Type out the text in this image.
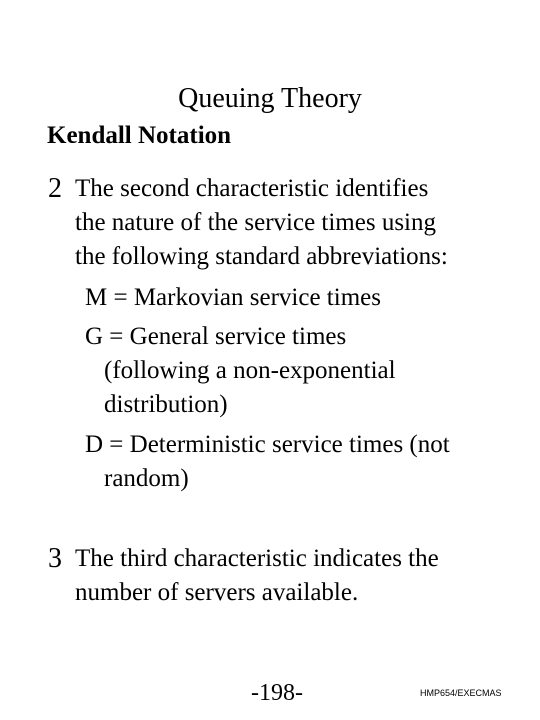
Queuing Theory
Kendall Notation
2 The second characteristic identifies
the nature of the service times using
the following standard abbreviations:
M = Markovian service times
G = General service times
(following a non-exponential
distribution)
D = Deterministic service times (not
random)
3 The third characteristic indicates the
number of servers available.
-198-	HMP654/EXECMAS
